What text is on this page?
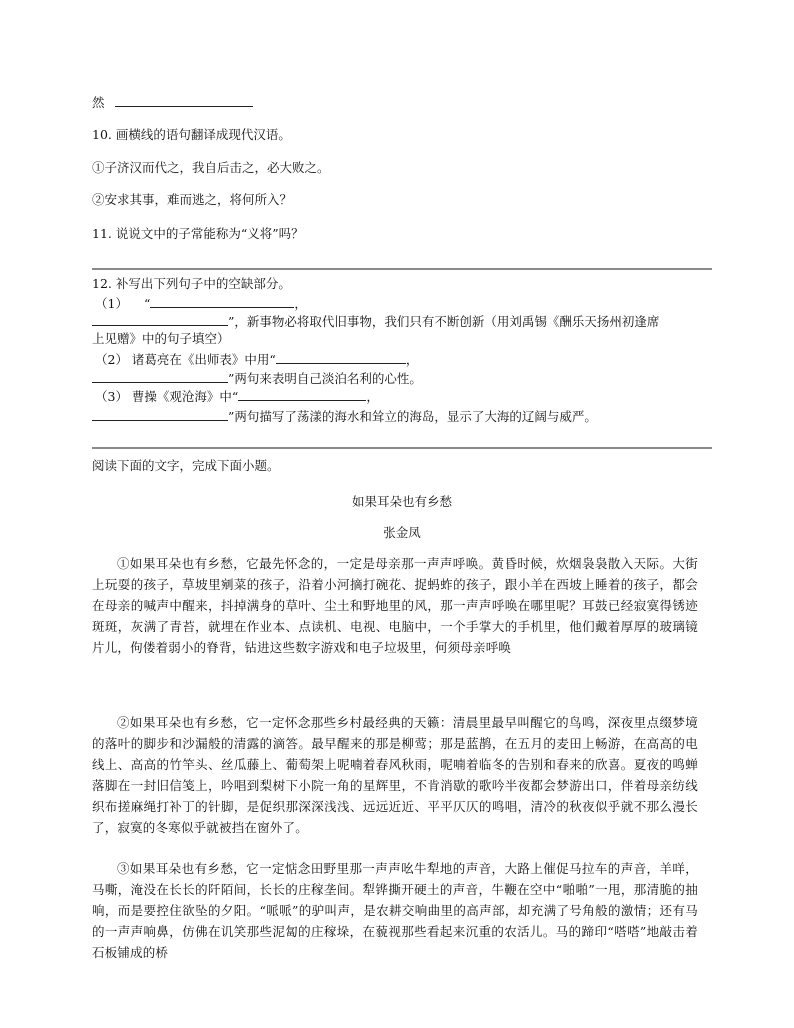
然
10. 画横线的语句翻译成现代汉语。
①子济汉而代之，我自后击之，必大败之。
②安求其事，难而逃之，将何所入？
11. 说说文中的子常能称为“义将”吗？
12. 补写出下列句子中的空缺部分。
（1） “	，
”，新事物必将取代旧事物，我们只有不断创新（用刘禹锡《酬乐天扬州初逢席
上见赠》中的句子填空）
（2） 诸葛亮在《出师表》中用“	，
”两句来表明自己淡泊名利的心性。
（3） 曹操《观沧海》中“	，
”两句描写了荡漾的海水和耸立的海岛，显示了大海的辽阔与威严。
阅读下面的文字，完成下面小题。
如果耳朵也有乡愁
张金凤
①如果耳朵也有乡愁，它最先怀念的，一定是母亲那一声声呼唤。黄昏时候，炊烟袅袅散入天际。大街上玩耍的孩子，草坡里剜菜的孩子，沿着小河摘打碗花、捉蚂蚱的孩子，跟小羊在西坡上睡着的孩子，都会在母亲的喊声中醒来，抖掉满身的草叶、尘土和野地里的风，那一声声呼唤在哪里呢？耳鼓已经寂寞得锈迹斑斑，灰满了青苔，就埋在作业本、点读机、电视、电脑中，一个手掌大的手机里，他们戴着厚厚的玻璃镜片儿，佝偻着弱小的脊背，钻进这些数字游戏和电子垃圾里，何须母亲呼唤
②如果耳朵也有乡愁，它一定怀念那些乡村最经典的天籁：清晨里最早叫醒它的鸟鸣，深夜里点缀梦境的落叶的脚步和沙漏般的清露的滴答。最早醒来的那是柳莺；那是蓝鹊，在五月的麦田上畅游，在高高的电线上、高高的竹竿头、丝瓜藤上、葡萄架上呢喃着春风秋雨，呢喃着临冬的告别和春来的欣喜。夏夜的鸣蝉落脚在一封旧信笺上，吟唱到梨树下小院一角的星辉里，不肯消歇的歌吟半夜都会梦游出口，伴着母亲纺线织布搓麻绳打补丁的针脚，是促织那深深浅浅、远远近近、平平仄仄的鸣唱，清冷的秋夜似乎就不那么漫长了，寂寞的冬寒似乎就被挡在窗外了。
③如果耳朵也有乡愁，它一定惦念田野里那一声声吆牛犁地的声音，大路上催促马拉车的声音，羊咩，马嘶，淹没在长长的阡陌间，长长的庄稼垄间。犁铧撕开硬土的声音，牛鞭在空中“啪啪”一甩，那清脆的抽响，而是要控住欲坠的夕阳。“哌哌”的驴叫声，是农耕交响曲里的高声部，却充满了号角般的激情；还有马的一声声响鼻，仿佛在讥笑那些泥匐的庄稼垛，在藐视那些看起来沉重的农活儿。马的蹄印“嗒嗒”地敲击着石板铺成的桥
